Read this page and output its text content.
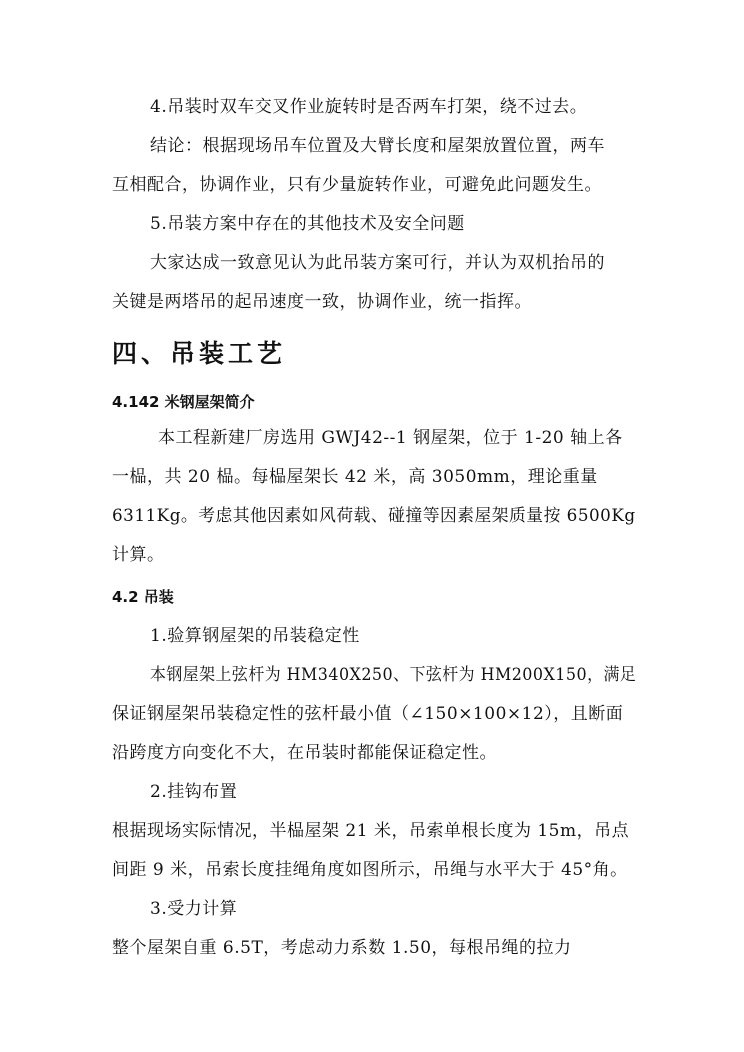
4.吊装时双车交叉作业旋转时是否两车打架，绕不过去。
结论：根据现场吊车位置及大臂长度和屋架放置位置，两车
互相配合，协调作业，只有少量旋转作业，可避免此问题发生。
5.吊装方案中存在的其他技术及安全问题
大家达成一致意见认为此吊装方案可行，并认为双机抬吊的
关键是两塔吊的起吊速度一致，协调作业，统一指挥。
四、吊装工艺
4.142 米钢屋架简介
本工程新建厂房选用 GWJ42--1 钢屋架，位于 1-20 轴上各
一榀，共 20 榀。每榀屋架长 42 米，高 3050mm，理论重量
6311Kg。考虑其他因素如风荷载、碰撞等因素屋架质量按 6500Kg
计算。
4.2 吊装
1.验算钢屋架的吊装稳定性
本钢屋架上弦杆为 HM340X250、下弦杆为 HM200X150，满足
保证钢屋架吊装稳定性的弦杆最小值（∠150×100×12），且断面
沿跨度方向变化不大，在吊装时都能保证稳定性。
2.挂钩布置
根据现场实际情况，半榀屋架 21 米，吊索单根长度为 15m，吊点
间距 9 米，吊索长度挂绳角度如图所示，吊绳与水平大于 45°角。
3.受力计算
整个屋架自重 6.5T，考虑动力系数 1.50，每根吊绳的拉力
